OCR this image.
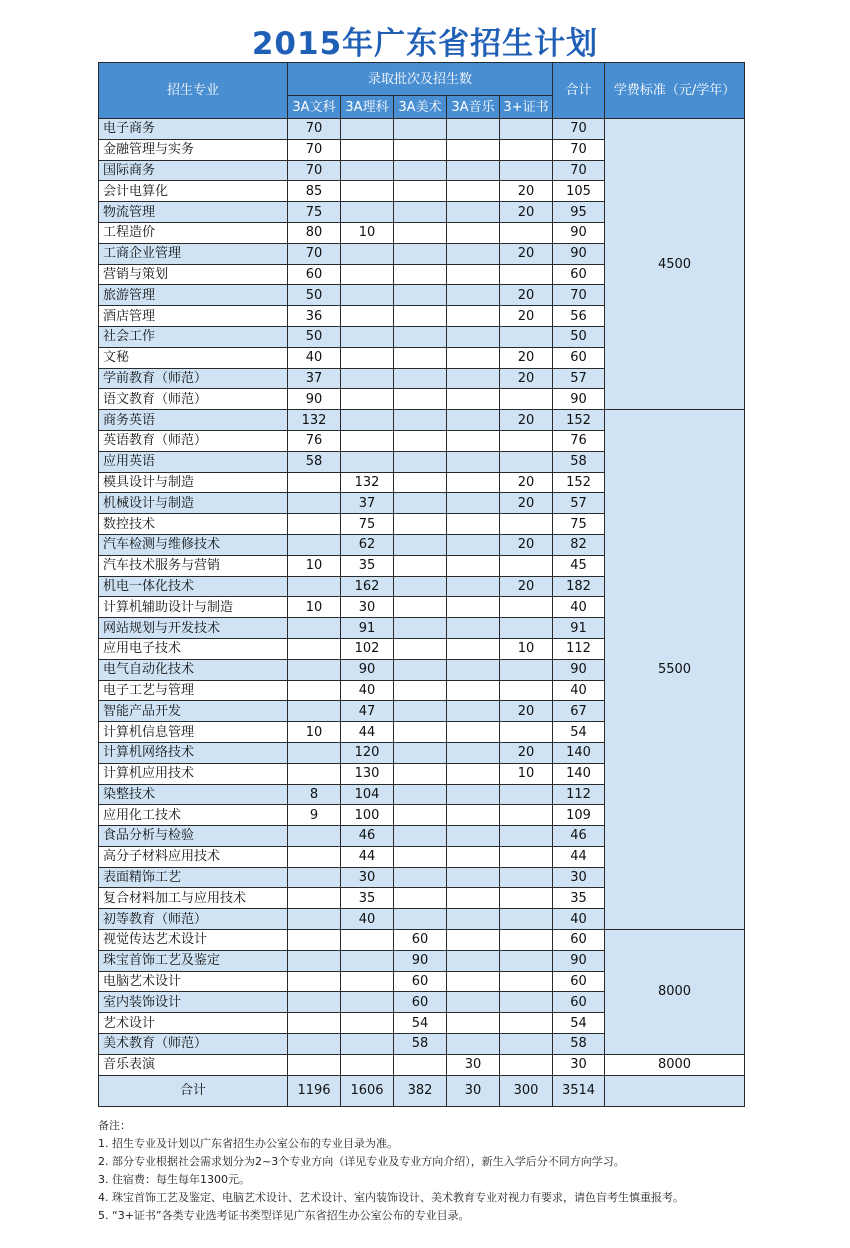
2015年广东省招生计划
招生专业	录取批次及招生数					合计	学费标准（元/学年）
	3A文科	3A理科	3A美术	3A音乐	3+证书		
电子商务	70					70	4500
金融管理与实务	70					70	
国际商务	70					70	
会计电算化	85				20	105	
物流管理	75				20	95	
工程造价	80	10				90	
工商企业管理	70				20	90	
营销与策划	60					60	
旅游管理	50				20	70	
酒店管理	36				20	56	
社会工作	50					50	
文秘	40				20	60	
学前教育（师范）	37				20	57	
语文教育（师范）	90					90	
商务英语	132				20	152	5500
英语教育（师范）	76					76	
应用英语	58					58	
模具设计与制造		132			20	152	
机械设计与制造		37			20	57	
数控技术		75				75	
汽车检测与维修技术		62			20	82	
汽车技术服务与营销	10	35				45	
机电一体化技术		162			20	182	
计算机辅助设计与制造	10	30				40	
网站规划与开发技术		91				91	
应用电子技术		102			10	112	
电气自动化技术		90				90	
电子工艺与管理		40				40	
智能产品开发		47			20	67	
计算机信息管理	10	44				54	
计算机网络技术		120			20	140	
计算机应用技术		130			10	140	
染整技术	8	104				112	
应用化工技术	9	100				109	
食品分析与检验		46				46	
高分子材料应用技术		44				44	
表面精饰工艺		30				30	
复合材料加工与应用技术		35				35	
初等教育（师范）		40				40	
视觉传达艺术设计			60			60	8000
珠宝首饰工艺及鉴定			90			90	
电脑艺术设计			60			60	
室内装饰设计			60			60	
艺术设计			54			54	
美术教育（师范）			58			58	
音乐表演				30		30	8000
合计	1196	1606	382	30	300	3514	
备注：
1. 招生专业及计划以广东省招生办公室公布的专业目录为准。
2. 部分专业根据社会需求划分为2~3个专业方向（详见专业及专业方向介绍），新生入学后分不同方向学习。
3. 住宿费：每生每年1300元。
4. 珠宝首饰工艺及鉴定、电脑艺术设计、艺术设计、室内装饰设计、美术教育专业对视力有要求，请色盲考生慎重报考。
5. “3+证书”各类专业选考证书类型详见广东省招生办公室公布的专业目录。
